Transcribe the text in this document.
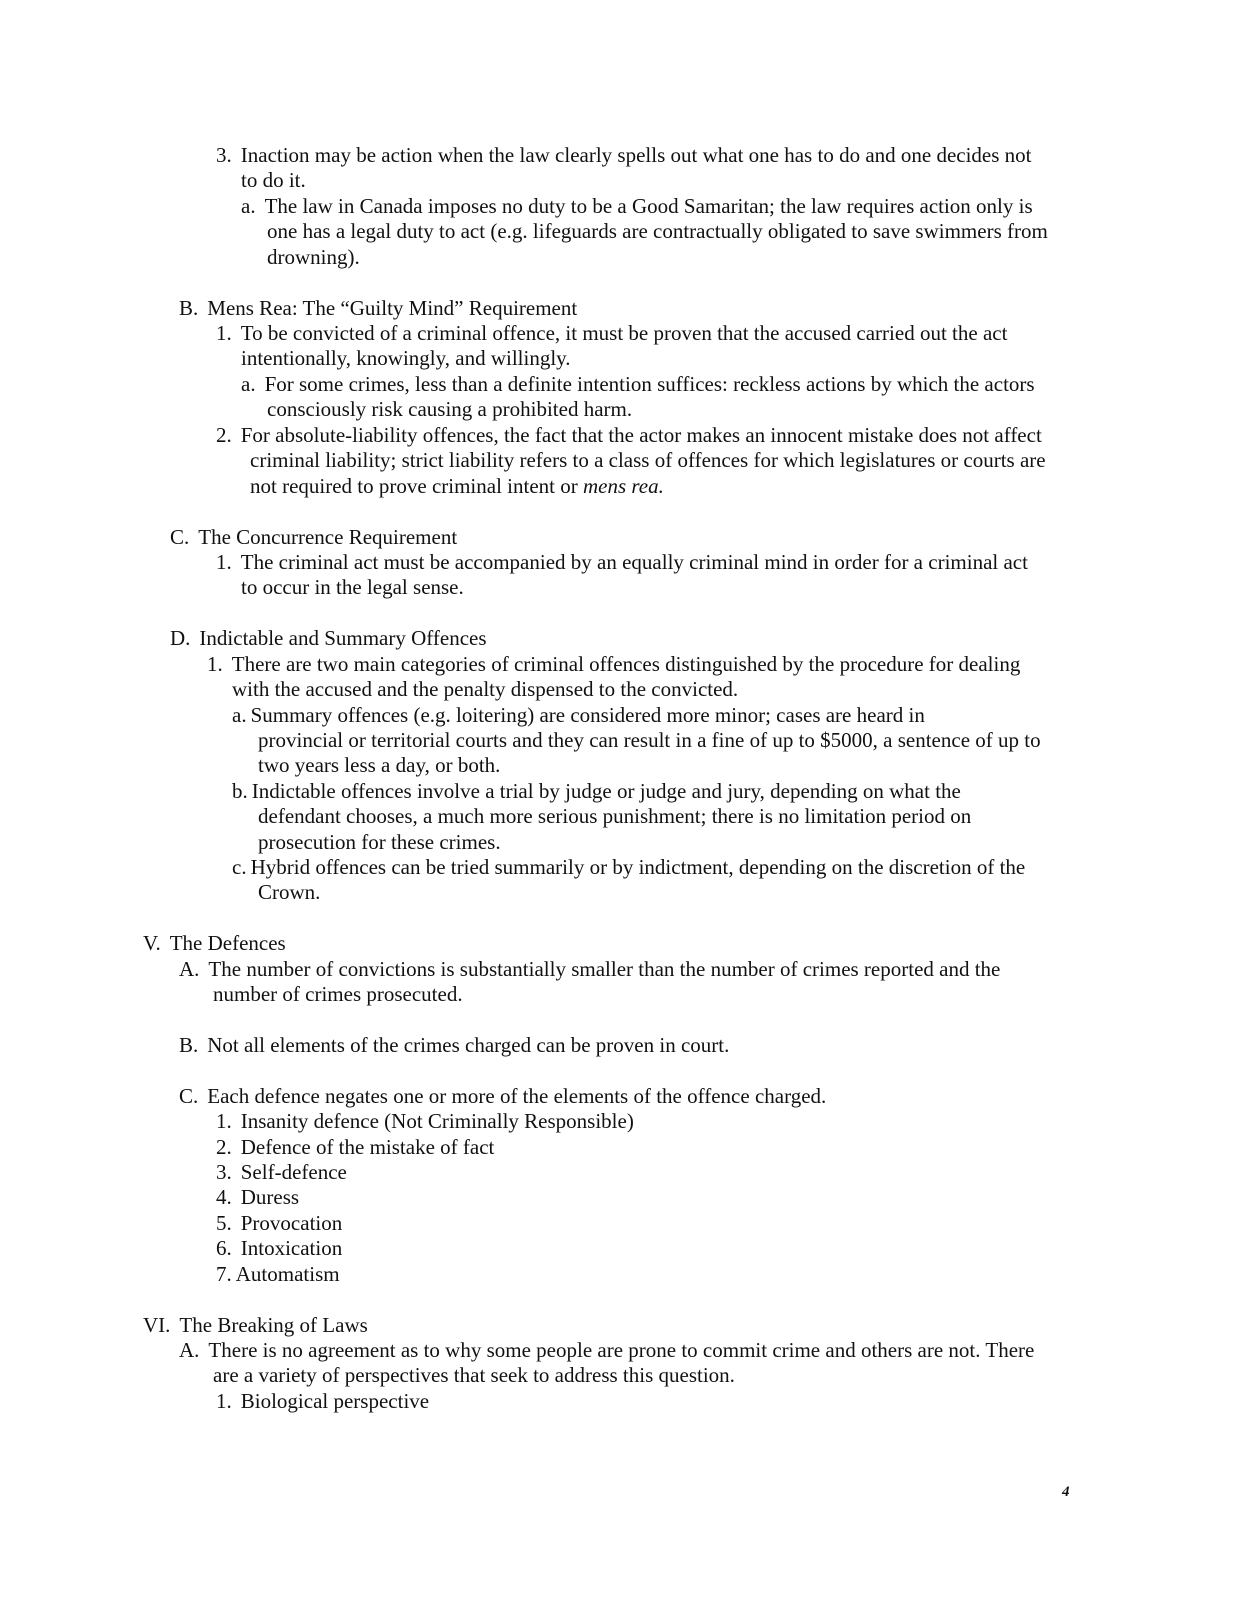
3. Inaction may be action when the law clearly spells out what one has to do and one decides not
to do it.
a. The law in Canada imposes no duty to be a Good Samaritan; the law requires action only is
one has a legal duty to act (e.g. lifeguards are contractually obligated to save swimmers from
drowning).
B. Mens Rea: The “Guilty Mind” Requirement
1. To be convicted of a criminal offence, it must be proven that the accused carried out the act
intentionally, knowingly, and willingly.
a. For some crimes, less than a definite intention suffices: reckless actions by which the actors
consciously risk causing a prohibited harm.
2. For absolute-liability offences, the fact that the actor makes an innocent mistake does not affect
criminal liability; strict liability refers to a class of offences for which legislatures or courts are
not required to prove criminal intent or mens rea.
C. The Concurrence Requirement
1. The criminal act must be accompanied by an equally criminal mind in order for a criminal act
to occur in the legal sense.
D. Indictable and Summary Offences
1. There are two main categories of criminal offences distinguished by the procedure for dealing
with the accused and the penalty dispensed to the convicted.
a. Summary offences (e.g. loitering) are considered more minor; cases are heard in
provincial or territorial courts and they can result in a fine of up to $5000, a sentence of up to
two years less a day, or both.
b. Indictable offences involve a trial by judge or judge and jury, depending on what the
defendant chooses, a much more serious punishment; there is no limitation period on
prosecution for these crimes.
c. Hybrid offences can be tried summarily or by indictment, depending on the discretion of the
Crown.
V. The Defences
A. The number of convictions is substantially smaller than the number of crimes reported and the
number of crimes prosecuted.
B. Not all elements of the crimes charged can be proven in court.
C. Each defence negates one or more of the elements of the offence charged.
1. Insanity defence (Not Criminally Responsible)
2. Defence of the mistake of fact
3. Self-defence
4. Duress
5. Provocation
6. Intoxication
7. Automatism
VI. The Breaking of Laws
A. There is no agreement as to why some people are prone to commit crime and others are not. There
are a variety of perspectives that seek to address this question.
1. Biological perspective
4
